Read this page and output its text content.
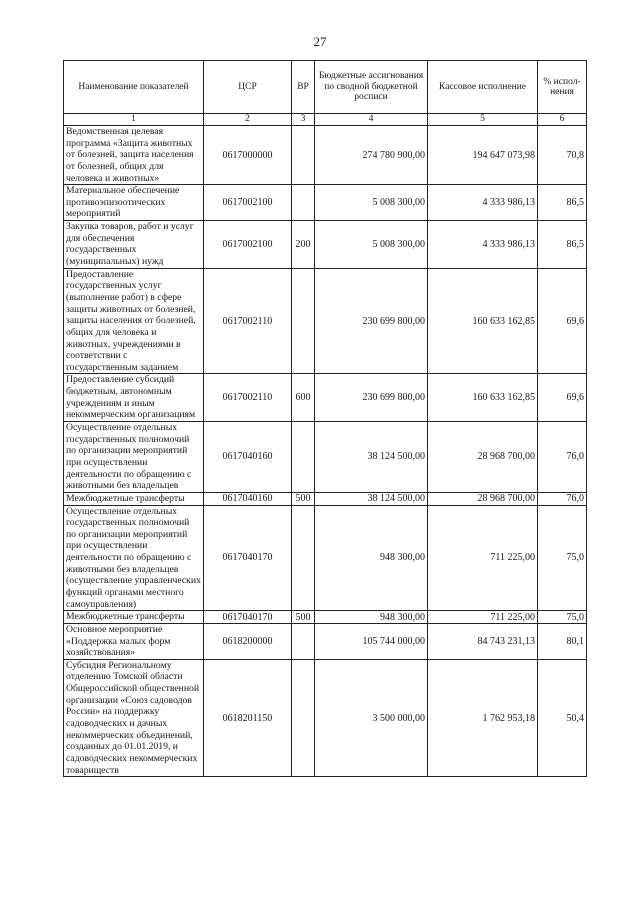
27
Наименование показателей	ЦСР	ВР	Бюджетные ассигнования по сводной бюджетной росписи	Кассовое исполнение	% испол-нения
1	2	3	4	5	6
Ведомственная целевая программа «Защита животных от болезней, защита населения от болезней, общих для человека и животных»	0617000000		274 780 900,00	194 647 073,98	70,8
Материальное обеспечение противоэпизоотических мероприятий	0617002100		5 008 300,00	4 333 986,13	86,5
Закупка товаров, работ и услуг для обеспечения государственных (муниципальных) нужд	0617002100	200	5 008 300,00	4 333 986,13	86,5
Предоставление государственных услуг (выполнение работ) в сфере защиты животных от болезней, защиты населения от болезней, общих для человека и животных, учреждениями в соответствии с государственным заданием	0617002110		230 699 800,00	160 633 162,85	69,6
Предоставление субсидий бюджетным, автономным учреждениям и иным некоммерческим организациям	0617002110	600	230 699 800,00	160 633 162,85	69,6
Осуществление отдельных государственных полномочий по организации мероприятий при осуществлении деятельности по обращению с животными без владельцев	0617040160		38 124 500,00	28 968 700,00	76,0
Межбюджетные трансферты	0617040160	500	38 124 500,00	28 968 700,00	76,0
Осуществление отдельных государственных полномочий по организации мероприятий при осуществлении деятельности по обращению с животными без владельцев (осуществление управленческих функций органами местного самоуправления)	0617040170		948 300,00	711 225,00	75,0
Межбюджетные трансферты	0617040170	500	948 300,00	711 225,00	75,0
Основное мероприятие «Поддержка малых форм хозяйствования»	0618200000		105 744 000,00	84 743 231,13	80,1
Субсидия Региональному отделению Томской области Общероссийской общественной организации «Союз садоводов России» на поддержку садоводческих и дачных некоммерческих объединений, созданных до 01.01.2019, и садоводческих некоммерческих товариществ	0618201150		3 500 000,00	1 762 953,18	50,4
